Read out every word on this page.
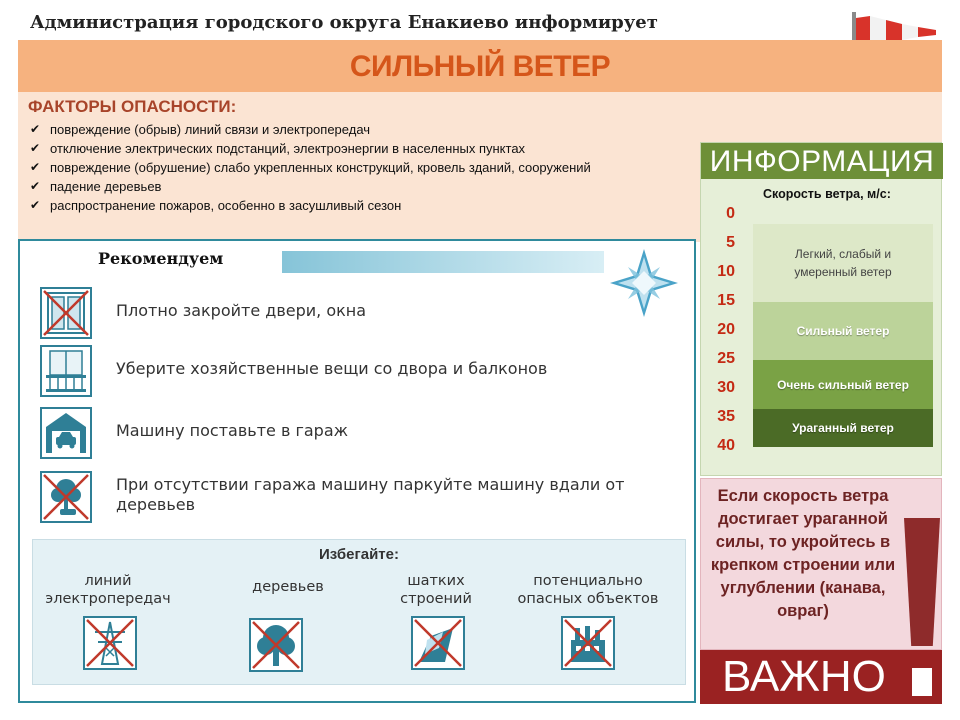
Администрация городского округа Енакиево информирует
СИЛЬНЫЙ ВЕТЕР
ФАКТОРЫ ОПАСНОСТИ:
✔ повреждение (обрыв) линий связи и электропередач
✔ отключение электрических подстанций, электроэнергии в населенных пунктах
✔ повреждение (обрушение) слабо укрепленных конструкций, кровель зданий, сооружений
✔ падение деревьев
✔ распространение пожаров, особенно в засушливый сезон
Рекомендуем
Плотно закройте двери, окна
Уберите хозяйственные вещи со двора и балконов
Машину поставьте в гараж
При отсутствии гаража машину паркуйте машину вдали от деревьев
Избегайте:
линий
электропередач
деревьев	шатких
строений
потенциально
опасных объектов
ИНФОРМАЦИЯ
Скорость ветра, м/с:
0
5
10
15
20
25
30
35
40
Легкий, слабый и умеренный ветер
Сильный ветер
Очень сильный ветер
Ураганный ветер
Если скорость ветра достигает ураганной силы, то укройтесь в крепком строении или углублении (канава, овраг)
ВАЖНО
